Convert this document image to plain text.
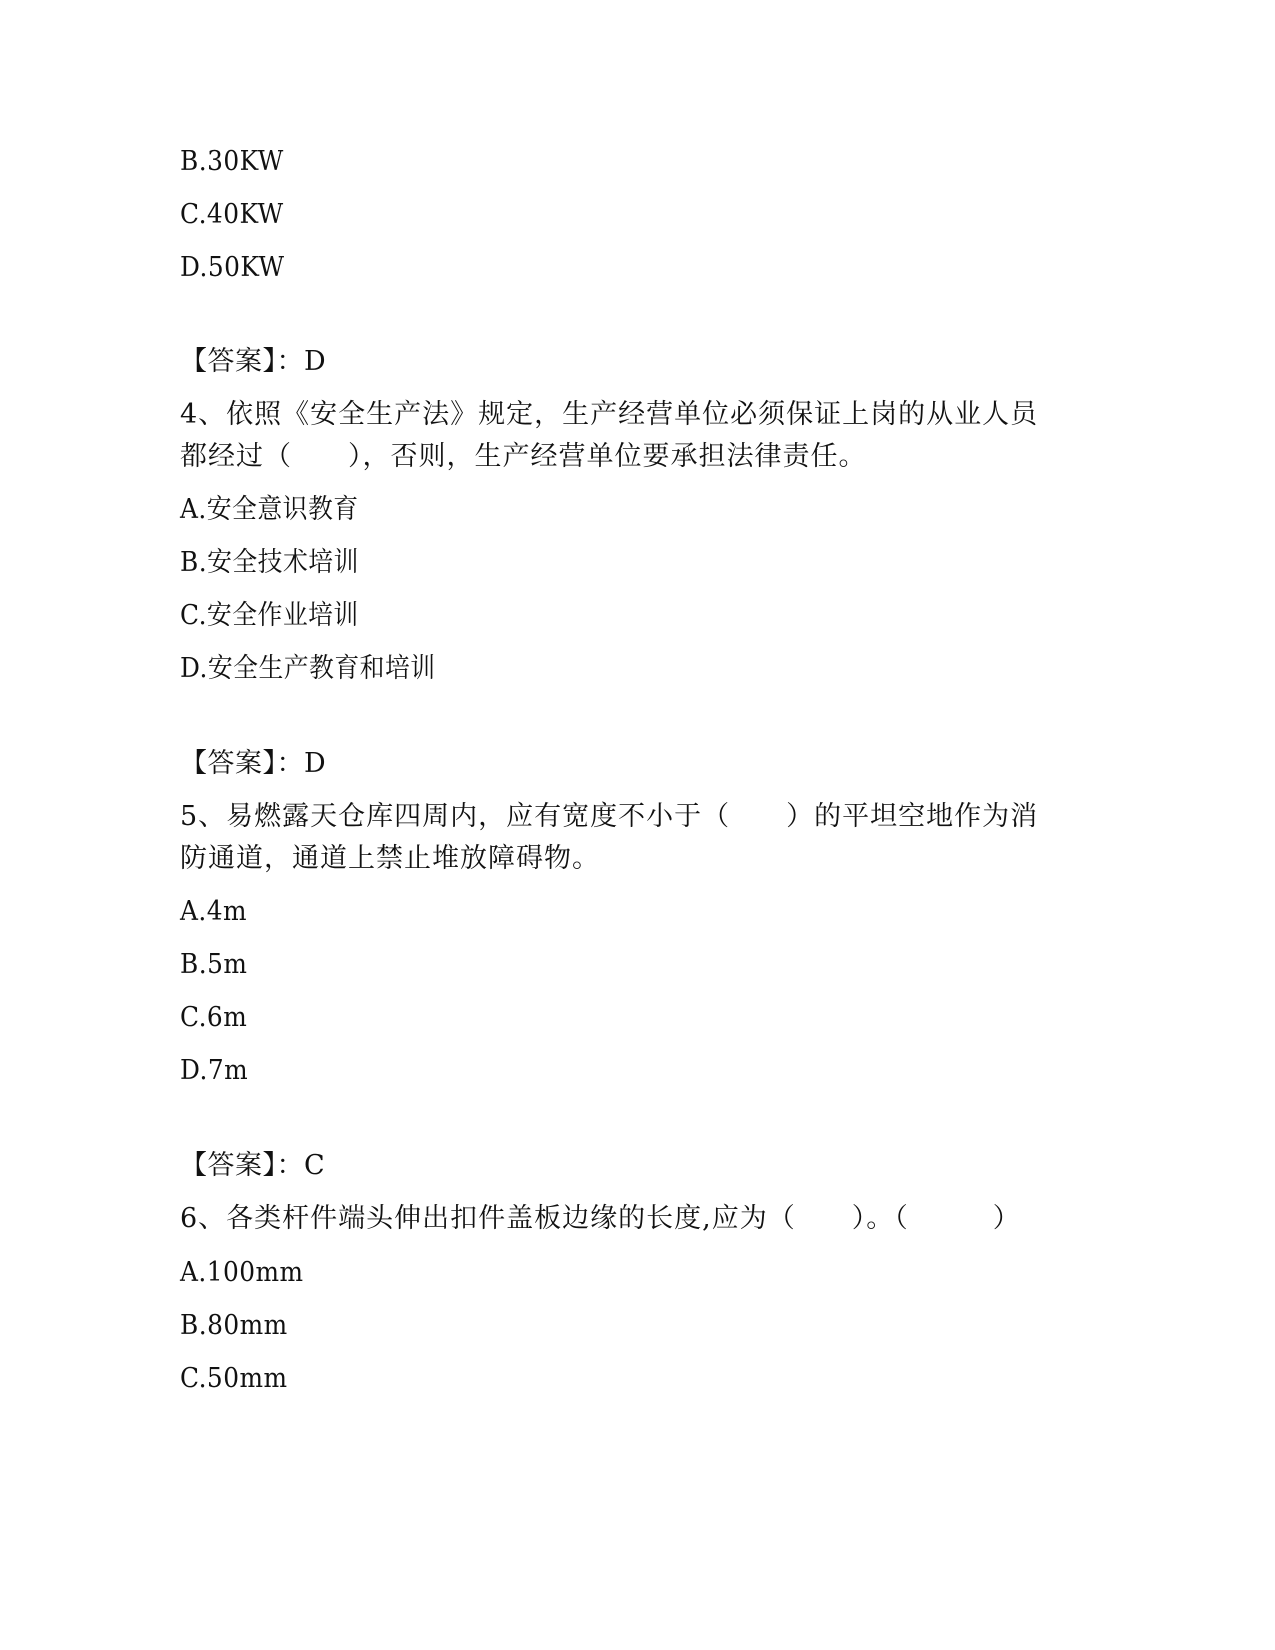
B.30KW
C.40KW
D.50KW
【答案】：D
4、依照《安全生产法》规定，生产经营单位必须保证上岗的从业人员
都经过（　　），否则，生产经营单位要承担法律责任。
A.安全意识教育
B.安全技术培训
C.安全作业培训
D.安全生产教育和培训
【答案】：D
5、易燃露天仓库四周内，应有宽度不小于（　　）的平坦空地作为消
防通道，通道上禁止堆放障碍物。
A.4m
B.5m
C.6m
D.7m
【答案】：C
6、各类杆件端头伸出扣件盖板边缘的长度,应为（　　）。（　　　）
A.100mm
B.80mm
C.50mm
